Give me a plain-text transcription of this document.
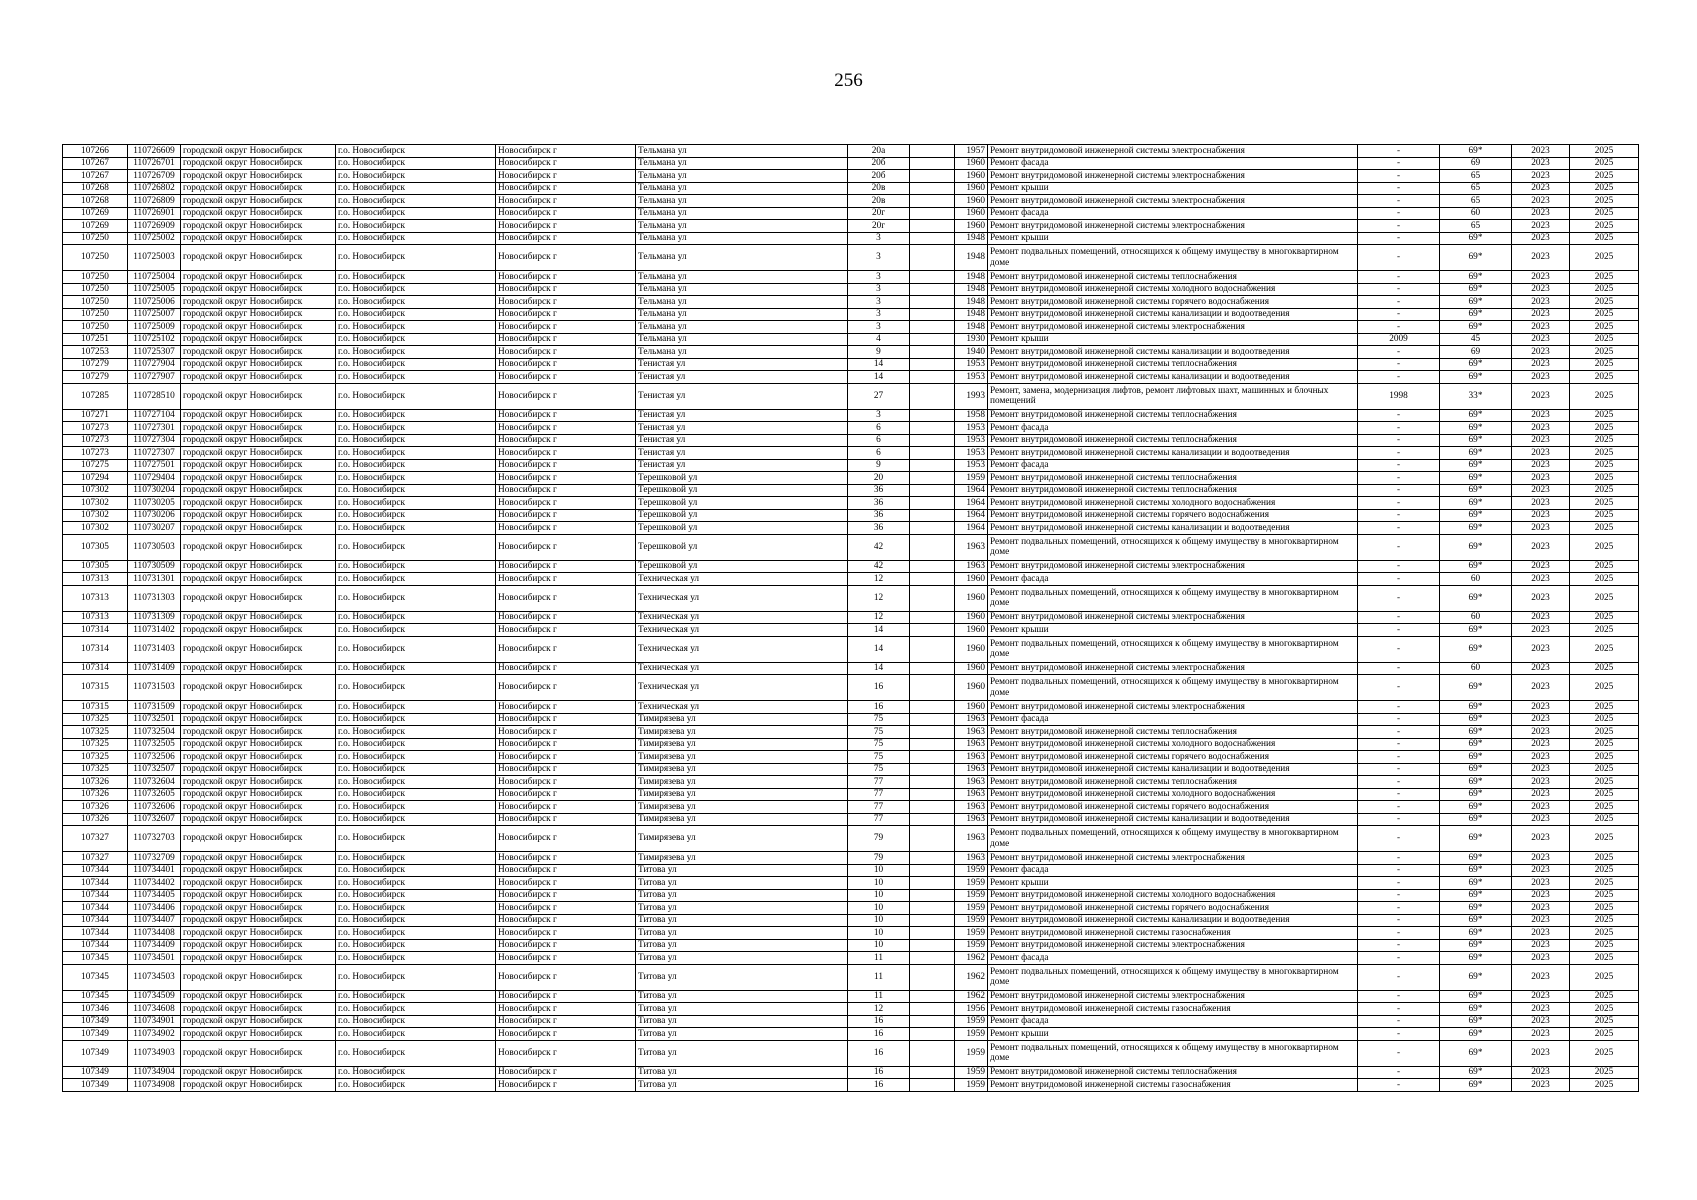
256
107266	110726609	городской округ Новосибирск	г.о. Новосибирск	Новосибирск г	Тельмана ул	20а		1957	Ремонт внутридомовой инженерной системы электроснабжения	-	69*	2023	2025
107267	110726701	городской округ Новосибирск	г.о. Новосибирск	Новосибирск г	Тельмана ул	20б		1960	Ремонт фасада	-	69	2023	2025
107267	110726709	городской округ Новосибирск	г.о. Новосибирск	Новосибирск г	Тельмана ул	20б		1960	Ремонт внутридомовой инженерной системы электроснабжения	-	65	2023	2025
107268	110726802	городской округ Новосибирск	г.о. Новосибирск	Новосибирск г	Тельмана ул	20в		1960	Ремонт крыши	-	65	2023	2025
107268	110726809	городской округ Новосибирск	г.о. Новосибирск	Новосибирск г	Тельмана ул	20в		1960	Ремонт внутридомовой инженерной системы электроснабжения	-	65	2023	2025
107269	110726901	городской округ Новосибирск	г.о. Новосибирск	Новосибирск г	Тельмана ул	20г		1960	Ремонт фасада	-	60	2023	2025
107269	110726909	городской округ Новосибирск	г.о. Новосибирск	Новосибирск г	Тельмана ул	20г		1960	Ремонт внутридомовой инженерной системы электроснабжения	-	65	2023	2025
107250	110725002	городской округ Новосибирск	г.о. Новосибирск	Новосибирск г	Тельмана ул	3		1948	Ремонт крыши	-	69*	2023	2025
107250	110725003	городской округ Новосибирск	г.о. Новосибирск	Новосибирск г	Тельмана ул	3		1948	Ремонт подвальных помещений, относящихся к общему имуществу в многоквартирном доме	-	69*	2023	2025
107250	110725004	городской округ Новосибирск	г.о. Новосибирск	Новосибирск г	Тельмана ул	3		1948	Ремонт внутридомовой инженерной системы теплоснабжения	-	69*	2023	2025
107250	110725005	городской округ Новосибирск	г.о. Новосибирск	Новосибирск г	Тельмана ул	3		1948	Ремонт внутридомовой инженерной системы холодного водоснабжения	-	69*	2023	2025
107250	110725006	городской округ Новосибирск	г.о. Новосибирск	Новосибирск г	Тельмана ул	3		1948	Ремонт внутридомовой инженерной системы горячего водоснабжения	-	69*	2023	2025
107250	110725007	городской округ Новосибирск	г.о. Новосибирск	Новосибирск г	Тельмана ул	3		1948	Ремонт внутридомовой инженерной системы канализации и водоотведения	-	69*	2023	2025
107250	110725009	городской округ Новосибирск	г.о. Новосибирск	Новосибирск г	Тельмана ул	3		1948	Ремонт внутридомовой инженерной системы электроснабжения	-	69*	2023	2025
107251	110725102	городской округ Новосибирск	г.о. Новосибирск	Новосибирск г	Тельмана ул	4		1930	Ремонт крыши	2009	45	2023	2025
107253	110725307	городской округ Новосибирск	г.о. Новосибирск	Новосибирск г	Тельмана ул	9		1940	Ремонт внутридомовой инженерной системы канализации и водоотведения	-	69	2023	2025
107279	110727904	городской округ Новосибирск	г.о. Новосибирск	Новосибирск г	Тенистая ул	14		1953	Ремонт внутридомовой инженерной системы теплоснабжения	-	69*	2023	2025
107279	110727907	городской округ Новосибирск	г.о. Новосибирск	Новосибирск г	Тенистая ул	14		1953	Ремонт внутридомовой инженерной системы канализации и водоотведения	-	69*	2023	2025
107285	110728510	городской округ Новосибирск	г.о. Новосибирск	Новосибирск г	Тенистая ул	27		1993	Ремонт, замена, модернизация лифтов, ремонт лифтовых шахт, машинных и блочных помещений	1998	33*	2023	2025
107271	110727104	городской округ Новосибирск	г.о. Новосибирск	Новосибирск г	Тенистая ул	3		1958	Ремонт внутридомовой инженерной системы теплоснабжения	-	69*	2023	2025
107273	110727301	городской округ Новосибирск	г.о. Новосибирск	Новосибирск г	Тенистая ул	6		1953	Ремонт фасада	-	69*	2023	2025
107273	110727304	городской округ Новосибирск	г.о. Новосибирск	Новосибирск г	Тенистая ул	6		1953	Ремонт внутридомовой инженерной системы теплоснабжения	-	69*	2023	2025
107273	110727307	городской округ Новосибирск	г.о. Новосибирск	Новосибирск г	Тенистая ул	6		1953	Ремонт внутридомовой инженерной системы канализации и водоотведения	-	69*	2023	2025
107275	110727501	городской округ Новосибирск	г.о. Новосибирск	Новосибирск г	Тенистая ул	9		1953	Ремонт фасада	-	69*	2023	2025
107294	110729404	городской округ Новосибирск	г.о. Новосибирск	Новосибирск г	Терешковой ул	20		1959	Ремонт внутридомовой инженерной системы теплоснабжения	-	69*	2023	2025
107302	110730204	городской округ Новосибирск	г.о. Новосибирск	Новосибирск г	Терешковой ул	36		1964	Ремонт внутридомовой инженерной системы теплоснабжения	-	69*	2023	2025
107302	110730205	городской округ Новосибирск	г.о. Новосибирск	Новосибирск г	Терешковой ул	36		1964	Ремонт внутридомовой инженерной системы холодного водоснабжения	-	69*	2023	2025
107302	110730206	городской округ Новосибирск	г.о. Новосибирск	Новосибирск г	Терешковой ул	36		1964	Ремонт внутридомовой инженерной системы горячего водоснабжения	-	69*	2023	2025
107302	110730207	городской округ Новосибирск	г.о. Новосибирск	Новосибирск г	Терешковой ул	36		1964	Ремонт внутридомовой инженерной системы канализации и водоотведения	-	69*	2023	2025
107305	110730503	городской округ Новосибирск	г.о. Новосибирск	Новосибирск г	Терешковой ул	42		1963	Ремонт подвальных помещений, относящихся к общему имуществу в многоквартирном доме	-	69*	2023	2025
107305	110730509	городской округ Новосибирск	г.о. Новосибирск	Новосибирск г	Терешковой ул	42		1963	Ремонт внутридомовой инженерной системы электроснабжения	-	69*	2023	2025
107313	110731301	городской округ Новосибирск	г.о. Новосибирск	Новосибирск г	Техническая ул	12		1960	Ремонт фасада	-	60	2023	2025
107313	110731303	городской округ Новосибирск	г.о. Новосибирск	Новосибирск г	Техническая ул	12		1960	Ремонт подвальных помещений, относящихся к общему имуществу в многоквартирном доме	-	69*	2023	2025
107313	110731309	городской округ Новосибирск	г.о. Новосибирск	Новосибирск г	Техническая ул	12		1960	Ремонт внутридомовой инженерной системы электроснабжения	-	60	2023	2025
107314	110731402	городской округ Новосибирск	г.о. Новосибирск	Новосибирск г	Техническая ул	14		1960	Ремонт крыши	-	69*	2023	2025
107314	110731403	городской округ Новосибирск	г.о. Новосибирск	Новосибирск г	Техническая ул	14		1960	Ремонт подвальных помещений, относящихся к общему имуществу в многоквартирном доме	-	69*	2023	2025
107314	110731409	городской округ Новосибирск	г.о. Новосибирск	Новосибирск г	Техническая ул	14		1960	Ремонт внутридомовой инженерной системы электроснабжения	-	60	2023	2025
107315	110731503	городской округ Новосибирск	г.о. Новосибирск	Новосибирск г	Техническая ул	16		1960	Ремонт подвальных помещений, относящихся к общему имуществу в многоквартирном доме	-	69*	2023	2025
107315	110731509	городской округ Новосибирск	г.о. Новосибирск	Новосибирск г	Техническая ул	16		1960	Ремонт внутридомовой инженерной системы электроснабжения	-	69*	2023	2025
107325	110732501	городской округ Новосибирск	г.о. Новосибирск	Новосибирск г	Тимирязева ул	75		1963	Ремонт фасада	-	69*	2023	2025
107325	110732504	городской округ Новосибирск	г.о. Новосибирск	Новосибирск г	Тимирязева ул	75		1963	Ремонт внутридомовой инженерной системы теплоснабжения	-	69*	2023	2025
107325	110732505	городской округ Новосибирск	г.о. Новосибирск	Новосибирск г	Тимирязева ул	75		1963	Ремонт внутридомовой инженерной системы холодного водоснабжения	-	69*	2023	2025
107325	110732506	городской округ Новосибирск	г.о. Новосибирск	Новосибирск г	Тимирязева ул	75		1963	Ремонт внутридомовой инженерной системы горячего водоснабжения	-	69*	2023	2025
107325	110732507	городской округ Новосибирск	г.о. Новосибирск	Новосибирск г	Тимирязева ул	75		1963	Ремонт внутридомовой инженерной системы канализации и водоотведения	-	69*	2023	2025
107326	110732604	городской округ Новосибирск	г.о. Новосибирск	Новосибирск г	Тимирязева ул	77		1963	Ремонт внутридомовой инженерной системы теплоснабжения	-	69*	2023	2025
107326	110732605	городской округ Новосибирск	г.о. Новосибирск	Новосибирск г	Тимирязева ул	77		1963	Ремонт внутридомовой инженерной системы холодного водоснабжения	-	69*	2023	2025
107326	110732606	городской округ Новосибирск	г.о. Новосибирск	Новосибирск г	Тимирязева ул	77		1963	Ремонт внутридомовой инженерной системы горячего водоснабжения	-	69*	2023	2025
107326	110732607	городской округ Новосибирск	г.о. Новосибирск	Новосибирск г	Тимирязева ул	77		1963	Ремонт внутридомовой инженерной системы канализации и водоотведения	-	69*	2023	2025
107327	110732703	городской округ Новосибирск	г.о. Новосибирск	Новосибирск г	Тимирязева ул	79		1963	Ремонт подвальных помещений, относящихся к общему имуществу в многоквартирном доме	-	69*	2023	2025
107327	110732709	городской округ Новосибирск	г.о. Новосибирск	Новосибирск г	Тимирязева ул	79		1963	Ремонт внутридомовой инженерной системы электроснабжения	-	69*	2023	2025
107344	110734401	городской округ Новосибирск	г.о. Новосибирск	Новосибирск г	Титова ул	10		1959	Ремонт фасада	-	69*	2023	2025
107344	110734402	городской округ Новосибирск	г.о. Новосибирск	Новосибирск г	Титова ул	10		1959	Ремонт крыши	-	69*	2023	2025
107344	110734405	городской округ Новосибирск	г.о. Новосибирск	Новосибирск г	Титова ул	10		1959	Ремонт внутридомовой инженерной системы холодного водоснабжения	-	69*	2023	2025
107344	110734406	городской округ Новосибирск	г.о. Новосибирск	Новосибирск г	Титова ул	10		1959	Ремонт внутридомовой инженерной системы горячего водоснабжения	-	69*	2023	2025
107344	110734407	городской округ Новосибирск	г.о. Новосибирск	Новосибирск г	Титова ул	10		1959	Ремонт внутридомовой инженерной системы канализации и водоотведения	-	69*	2023	2025
107344	110734408	городской округ Новосибирск	г.о. Новосибирск	Новосибирск г	Титова ул	10		1959	Ремонт внутридомовой инженерной системы газоснабжения	-	69*	2023	2025
107344	110734409	городской округ Новосибирск	г.о. Новосибирск	Новосибирск г	Титова ул	10		1959	Ремонт внутридомовой инженерной системы электроснабжения	-	69*	2023	2025
107345	110734501	городской округ Новосибирск	г.о. Новосибирск	Новосибирск г	Титова ул	11		1962	Ремонт фасада	-	69*	2023	2025
107345	110734503	городской округ Новосибирск	г.о. Новосибирск	Новосибирск г	Титова ул	11		1962	Ремонт подвальных помещений, относящихся к общему имуществу в многоквартирном доме	-	69*	2023	2025
107345	110734509	городской округ Новосибирск	г.о. Новосибирск	Новосибирск г	Титова ул	11		1962	Ремонт внутридомовой инженерной системы электроснабжения	-	69*	2023	2025
107346	110734608	городской округ Новосибирск	г.о. Новосибирск	Новосибирск г	Титова ул	12		1956	Ремонт внутридомовой инженерной системы газоснабжения	-	69*	2023	2025
107349	110734901	городской округ Новосибирск	г.о. Новосибирск	Новосибирск г	Титова ул	16		1959	Ремонт фасада	-	69*	2023	2025
107349	110734902	городской округ Новосибирск	г.о. Новосибирск	Новосибирск г	Титова ул	16		1959	Ремонт крыши	-	69*	2023	2025
107349	110734903	городской округ Новосибирск	г.о. Новосибирск	Новосибирск г	Титова ул	16		1959	Ремонт подвальных помещений, относящихся к общему имуществу в многоквартирном доме	-	69*	2023	2025
107349	110734904	городской округ Новосибирск	г.о. Новосибирск	Новосибирск г	Титова ул	16		1959	Ремонт внутридомовой инженерной системы теплоснабжения	-	69*	2023	2025
107349	110734908	городской округ Новосибирск	г.о. Новосибирск	Новосибирск г	Титова ул	16		1959	Ремонт внутридомовой инженерной системы газоснабжения	-	69*	2023	2025
